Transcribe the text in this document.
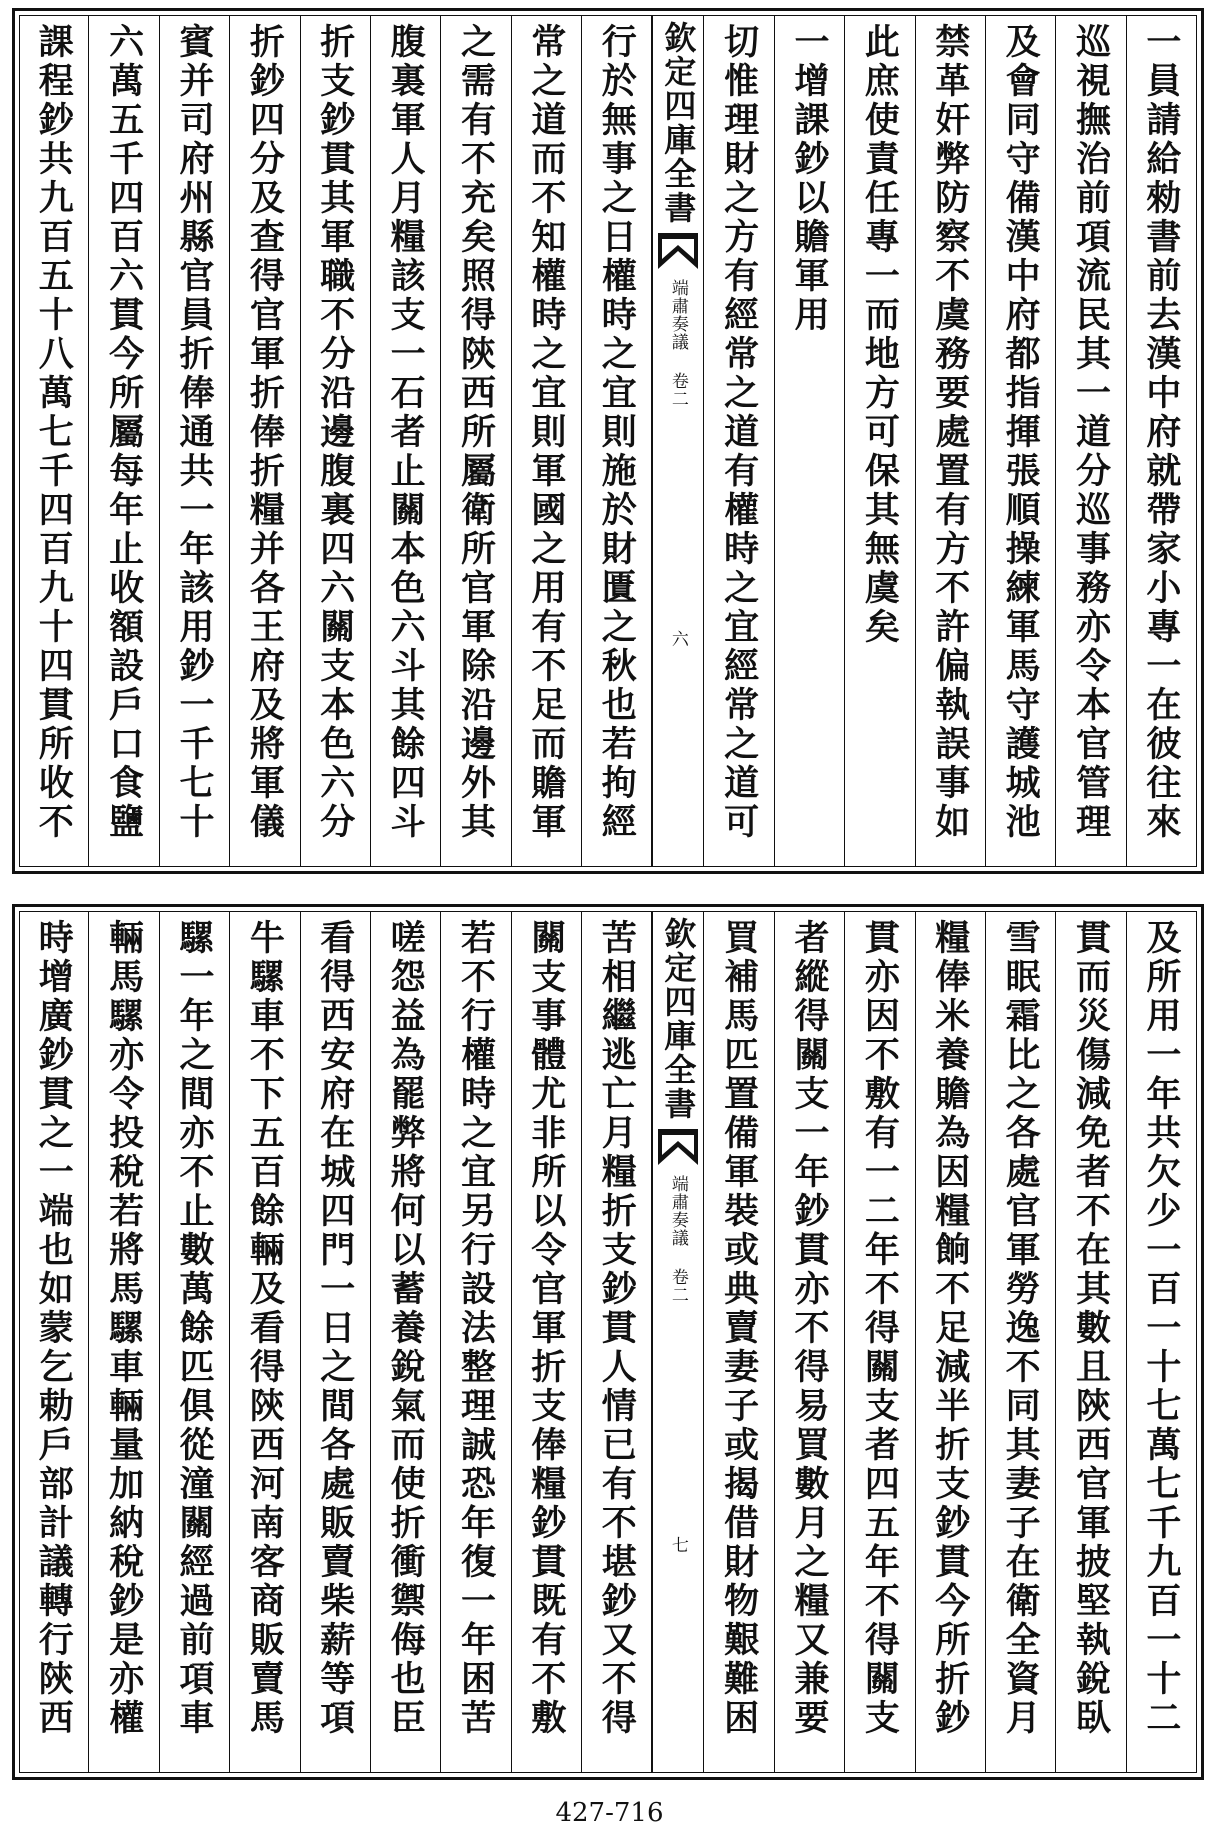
一員請給勑書前去漢中府就帶家小專一在彼往來
巡視撫治前項流民其一道分巡事務亦令本官管理
及會同守備漢中府都指揮張順操練軍馬守護城池
禁革奸弊防察不虞務要處置有方不許偏執誤事如
此庶使責任專一而地方可保其無虞矣
一增課鈔以贍軍用
切惟理財之方有經常之道有權時之宜經常之道可
欽定四庫全書
端肅奏議 卷二
六
行於無事之日權時之宜則施於財匱之秋也若拘經
常之道而不知權時之宜則軍國之用有不足而贍軍
之需有不充矣照得陝西所屬衛所官軍除沿邊外其
腹裏軍人月糧該支一石者止關本色六斗其餘四斗
折支鈔貫其軍職不分沿邊腹裏四六關支本色六分
折鈔四分及查得官軍折俸折糧并各王府及將軍儀
賓并司府州縣官員折俸通共一年該用鈔一千七十
六萬五千四百六貫今所屬每年止收額設戶口食鹽
課程鈔共九百五十八萬七千四百九十四貫所收不
及所用一年共欠少一百一十七萬七千九百一十二
貫而災傷減免者不在其數且陝西官軍披堅執銳臥
雪眠霜比之各處官軍勞逸不同其妻子在衛全資月
糧俸米養贍為因糧餉不足減半折支鈔貫今所折鈔
貫亦因不敷有一二年不得關支者四五年不得關支
者縱得關支一年鈔貫亦不得易買數月之糧又兼要
買補馬匹置備軍裝或典賣妻子或揭借財物艱難困
欽定四庫全書
端肅奏議 卷二
七
苦相繼逃亡月糧折支鈔貫人情已有不堪鈔又不得
關支事體尤非所以令官軍折支俸糧鈔貫既有不敷
若不行權時之宜另行設法整理誠恐年復一年困苦
嗟怨益為罷弊將何以蓄養銳氣而使折衝禦侮也臣
看得西安府在城四門一日之間各處販賣柴薪等項
牛騾車不下五百餘輛及看得陝西河南客商販賣馬
騾一年之間亦不止數萬餘匹俱從潼關經過前項車
輛馬騾亦令投稅若將馬騾車輛量加納稅鈔是亦權
時增廣鈔貫之一端也如蒙乞勅戶部計議轉行陝西
427-716
